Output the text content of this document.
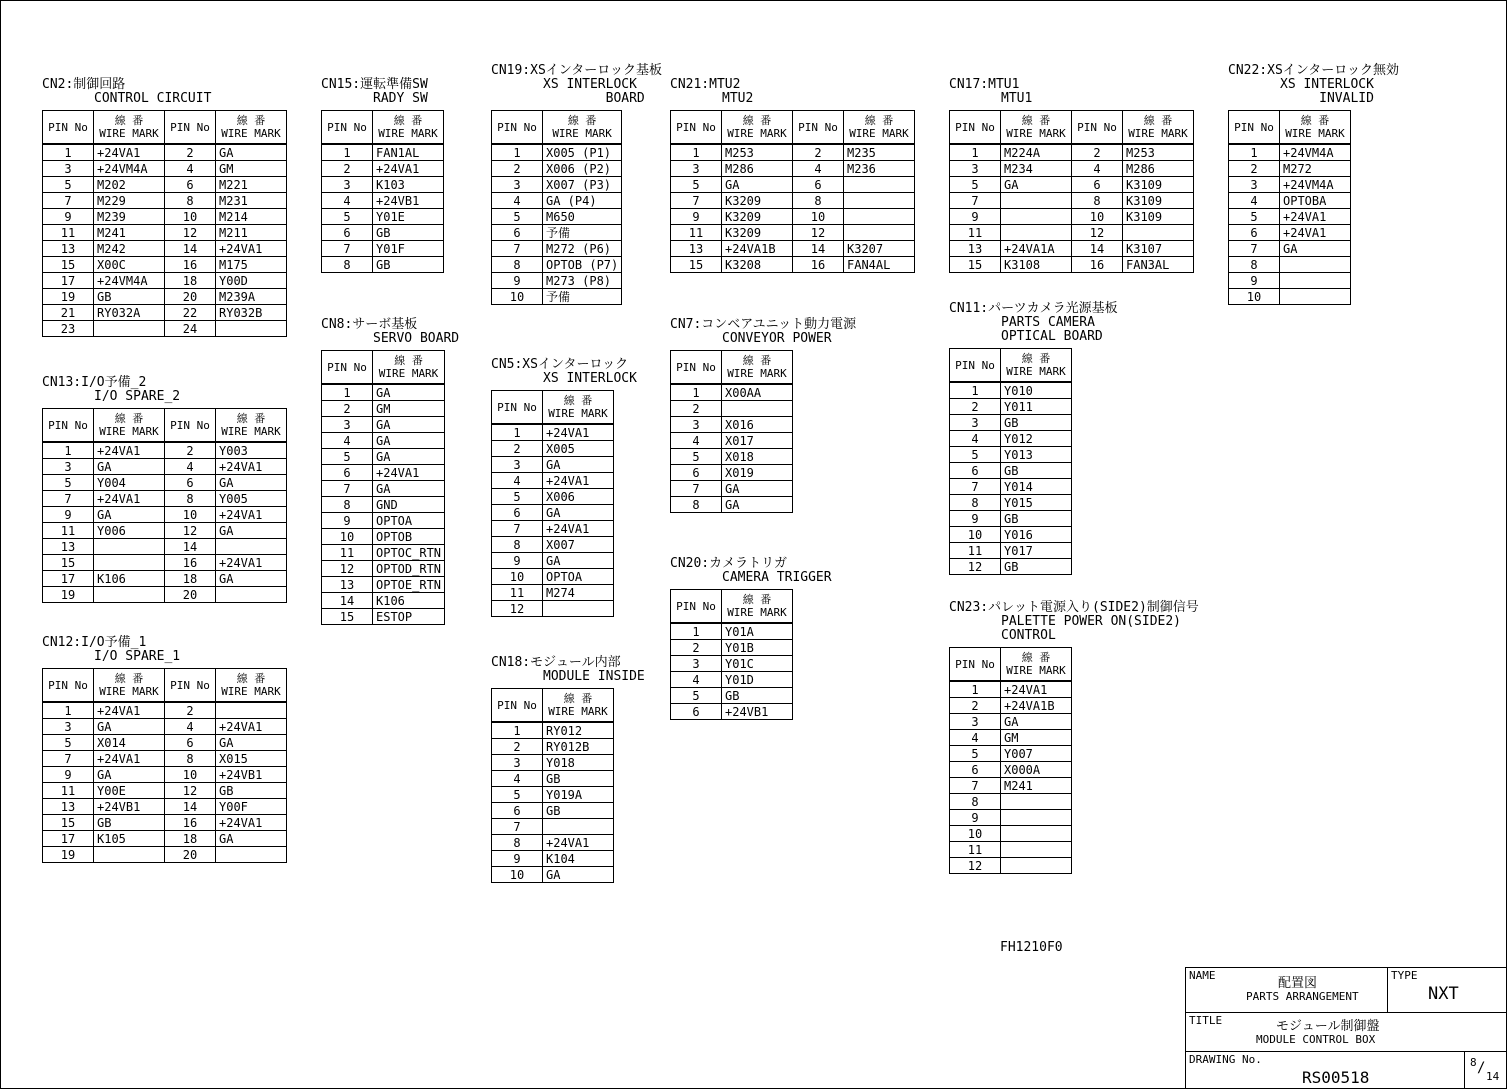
CN2:制御回路
CONTROL CIRCUIT
PIN No	線 番
WIRE MARK	PIN No	線 番
WIRE MARK
1	+24VA1	2	GA
3	+24VM4A	4	GM
5	M202	6	M221
7	M229	8	M231
9	M239	10	M214
11	M241	12	M211
13	M242	14	+24VA1
15	X00C	16	M175
17	+24VM4A	18	Y00D
19	GB	20	M239A
21	RY032A	22	RY032B
23		24	
CN13:I/O予備_2
I/O SPARE_2
PIN No	線 番
WIRE MARK	PIN No	線 番
WIRE MARK
1	+24VA1	2	Y003
3	GA	4	+24VA1
5	Y004	6	GA
7	+24VA1	8	Y005
9	GA	10	+24VA1
11	Y006	12	GA
13		14	
15		16	+24VA1
17	K106	18	GA
19		20	
CN12:I/O予備_1
I/O SPARE_1
PIN No	線 番
WIRE MARK	PIN No	線 番
WIRE MARK
1	+24VA1	2	
3	GA	4	+24VA1
5	X014	6	GA
7	+24VA1	8	X015
9	GA	10	+24VB1
11	Y00E	12	GB
13	+24VB1	14	Y00F
15	GB	16	+24VA1
17	K105	18	GA
19		20	
CN15:運転準備SW
RADY SW
PIN No	線 番
WIRE MARK
1	FAN1AL
2	+24VA1
3	K103
4	+24VB1
5	Y01E
6	GB
7	Y01F
8	GB
CN8:サーボ基板
SERVO BOARD
PIN No	線 番
WIRE MARK
1	GA
2	GM
3	GA
4	GA
5	GA
6	+24VA1
7	GA
8	GND
9	OPTOA
10	OPTOB
11	OPTOC_RTN
12	OPTOD_RTN
13	OPTOE_RTN
14	K106
15	ESTOP
CN19:XSインターロック基板
XS INTERLOCK
BOARD
PIN No	線 番
WIRE MARK
1	X005 (P1)
2	X006 (P2)
3	X007 (P3)
4	GA (P4)
5	M650
6	予備
7	M272 (P6)
8	OPTOB (P7)
9	M273 (P8)
10	予備
CN5:XSインターロック
XS INTERLOCK
PIN No	線 番
WIRE MARK
1	+24VA1
2	X005
3	GA
4	+24VA1
5	X006
6	GA
7	+24VA1
8	X007
9	GA
10	OPTOA
11	M274
12	
CN18:モジュール内部
MODULE INSIDE
PIN No	線 番
WIRE MARK
1	RY012
2	RY012B
3	Y018
4	GB
5	Y019A
6	GB
7	
8	+24VA1
9	K104
10	GA
CN21:MTU2
MTU2
PIN No	線 番
WIRE MARK	PIN No	線 番
WIRE MARK
1	M253	2	M235
3	M286	4	M236
5	GA	6	
7	K3209	8	
9	K3209	10	
11	K3209	12	
13	+24VA1B	14	K3207
15	K3208	16	FAN4AL
CN7:コンベアユニット動力電源
CONVEYOR POWER
PIN No	線 番
WIRE MARK
1	X00AA
2	
3	X016
4	X017
5	X018
6	X019
7	GA
8	GA
CN20:カメラトリガ
CAMERA TRIGGER
PIN No	線 番
WIRE MARK
1	Y01A
2	Y01B
3	Y01C
4	Y01D
5	GB
6	+24VB1
CN17:MTU1
MTU1
PIN No	線 番
WIRE MARK	PIN No	線 番
WIRE MARK
1	M224A	2	M253
3	M234	4	M286
5	GA	6	K3109
7		8	K3109
9		10	K3109
11		12	
13	+24VA1A	14	K3107
15	K3108	16	FAN3AL
CN11:パーツカメラ光源基板
PARTS CAMERA
OPTICAL BOARD
PIN No	線 番
WIRE MARK
1	Y010
2	Y011
3	GB
4	Y012
5	Y013
6	GB
7	Y014
8	Y015
9	GB
10	Y016
11	Y017
12	GB
CN23:パレット電源入り(SIDE2)制御信号
PALETTE POWER ON(SIDE2)
CONTROL
PIN No	線 番
WIRE MARK
1	+24VA1
2	+24VA1B
3	GA
4	GM
5	Y007
6	X000A
7	M241
8	
9	
10	
11	
12	
CN22:XSインターロック無効
XS INTERLOCK
INVALID
PIN No	線 番
WIRE MARK
1	+24VM4A
2	M272
3	+24VM4A
4	OPTOBA
5	+24VA1
6	+24VA1
7	GA
8	
9	
10	
FH1210F0
NAME
配置図
PARTS ARRANGEMENT
TYPE
NXT
TITLE	モジュール制御盤
MODULE CONTROL BOX
DRAWING No.
RS00518
8 /
14
